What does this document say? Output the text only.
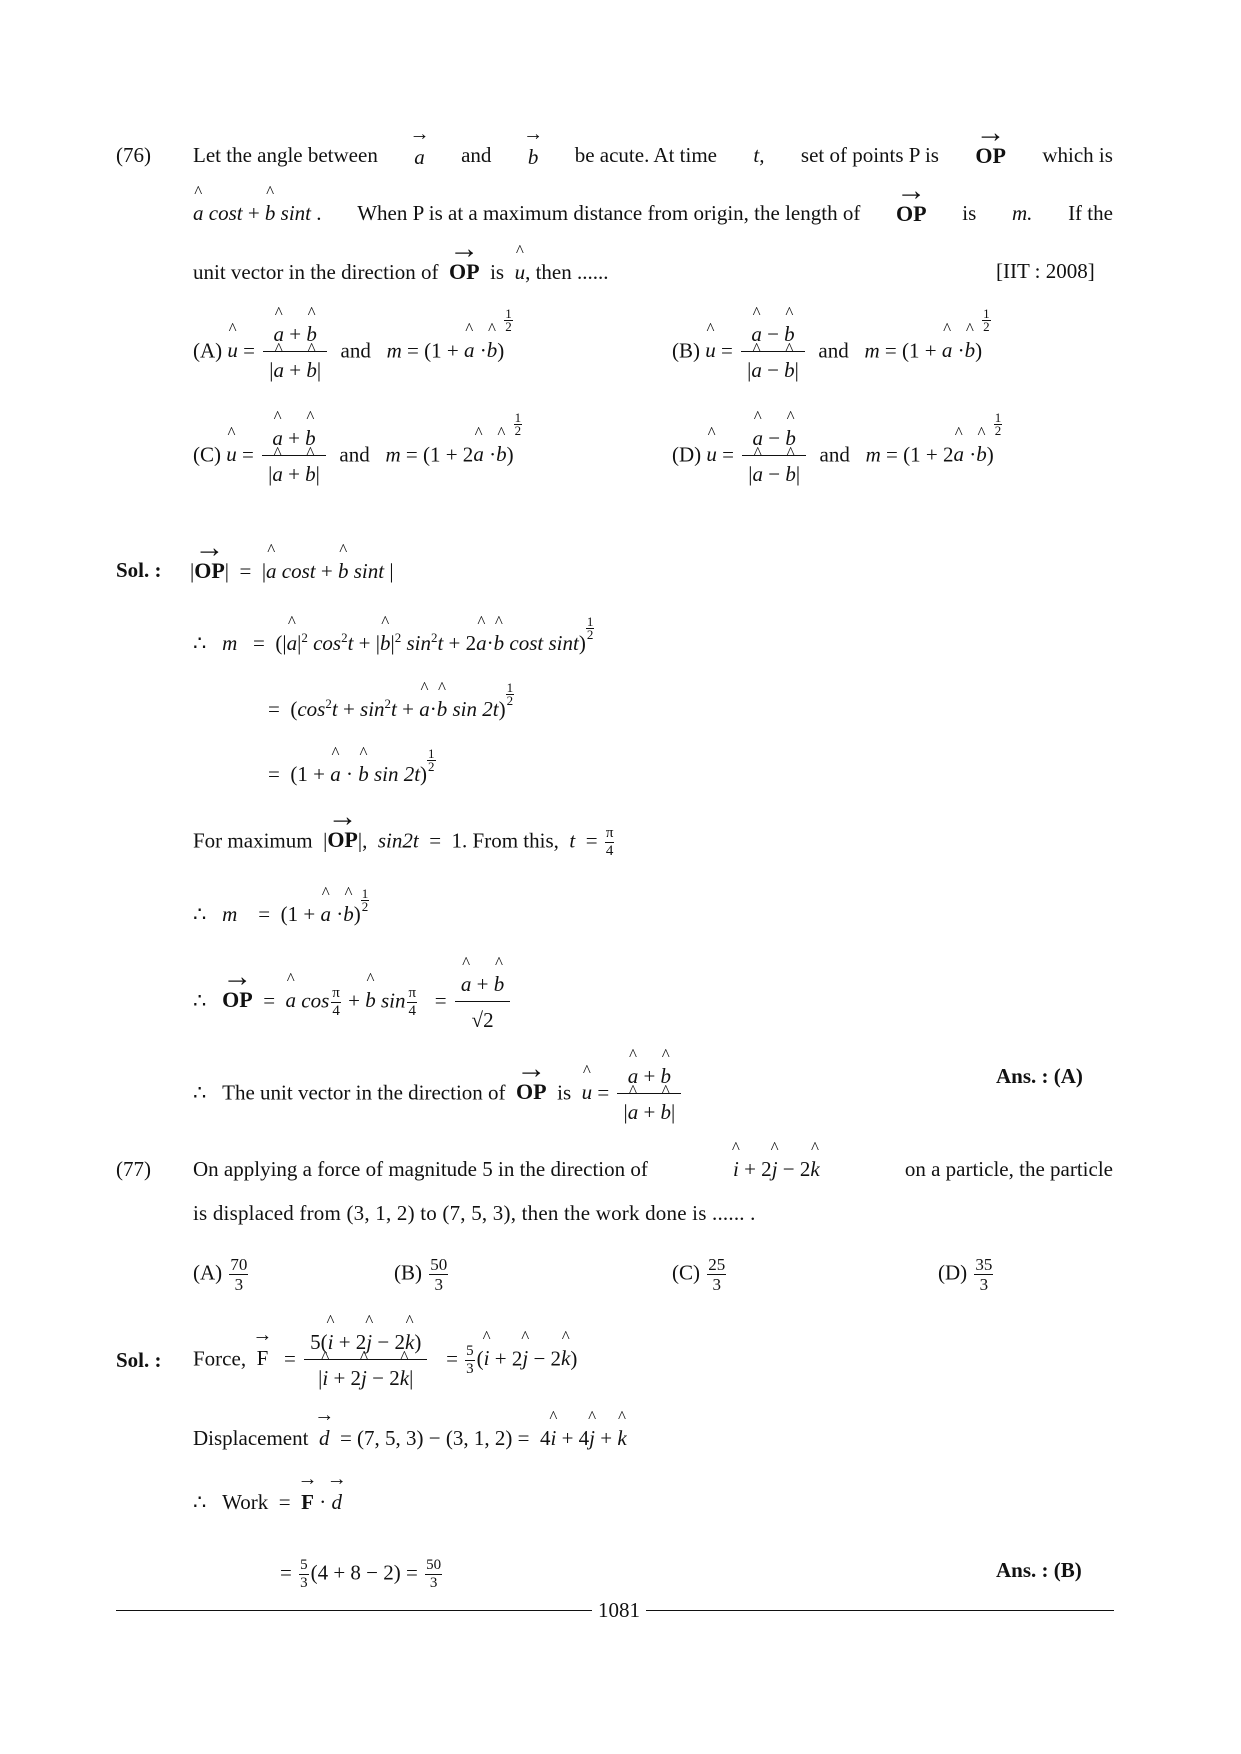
(76) Let the angle between → a and → b be acute. At time t, set of points P is → OP which is
^ a cost + ^ b sint . When P is at a maximum distance from origin, the length of → OP is m. If the
unit vector in the direction of → OP is ^ u, then ......	[IIT : 2008]
(A) ^ u = ^ $\frac{a + \^{} b}{|\^{} a + \^{} b|}$ and m = (1 + ^ a ·^ b)
$\frac{1}{2}$
(B) ^ u = ^ $\frac{a - \^{} b}{|\^{} a - \^{} b|}$ and m = (1 + ^ a ·^ b)
$\frac{1}{2}$
(C) ^ u = ^ $\frac{a + \^{} b}{|\^{} a + \^{} b|}$ and m = (1 + 2^ a ·^ b)
$\frac{1}{2}$
(D) ^ u = ^ $\frac{a - \^{} b}{|\^{} a - \^{} b|}$ and m = (1 + 2^ a ·^ b)
$\frac{1}{2}$
Sol. : |→ OP|  =  |^ a cost + ^ b sint |
∴   m   =  (|^ $a|^2$ $\cos^2t$ + |^ $b|^2$ $\sin^2t$ + 2^ a·^ b cost sint)
$\frac{1}{2}$
=  ($\cos^2t + \sin^2t$ + ^ a·^ b sin 2t)
$\frac{1}{2}$
=  (1 + ^ a · ^ b sin 2t)
$\frac{1}{2}$
For maximum  |→ OP|,  sin2t  =  1. From this, $t = \frac{\pi}{4}$
∴   m    =  (1 + ^ a ·^ b)
$\frac{1}{2}$
∴   → OP  =  ^ a $\cos \frac{\pi}{4}$ + ^ b $\sin \frac{\pi}{4}$ = ^ $\frac{a + \^{} b}{√2}$
∴   The unit vector in the direction of → OP is ^ u = ^ $\frac{a + \^{} b}{|\^{} a + \^{} b|}$	Ans. : (A)
(77) On applying a force of magnitude 5 in the direction of	^ i + 2^ j − 2^ k	on a particle, the particle
is displaced from (3, 1, 2) to (7, 5, 3), then the work done is ...... .
$(A) \frac{70}{3}$	$(B) \frac{50}{3}$	$(C) \frac{25}{3}$	$(D) \frac{35}{3}$
Sol. : Force, → $F = \frac{5(\^{} i + 2\^{} j - 2\^{} k)}{|\^{} i + 2\^{} j - 2\^{} k|} = \frac{5}{3}$ (^ i + 2^ j − 2^ k)
Displacement → d = (7, 5, 3) − (3, 1, 2) =  4^ i + 4^ j + ^ k
∴   Work  =  → F · → d
= $\frac{5}{3} (4 + 8 - 2) = \frac{50}{3}$	Ans. : (B)
1081
